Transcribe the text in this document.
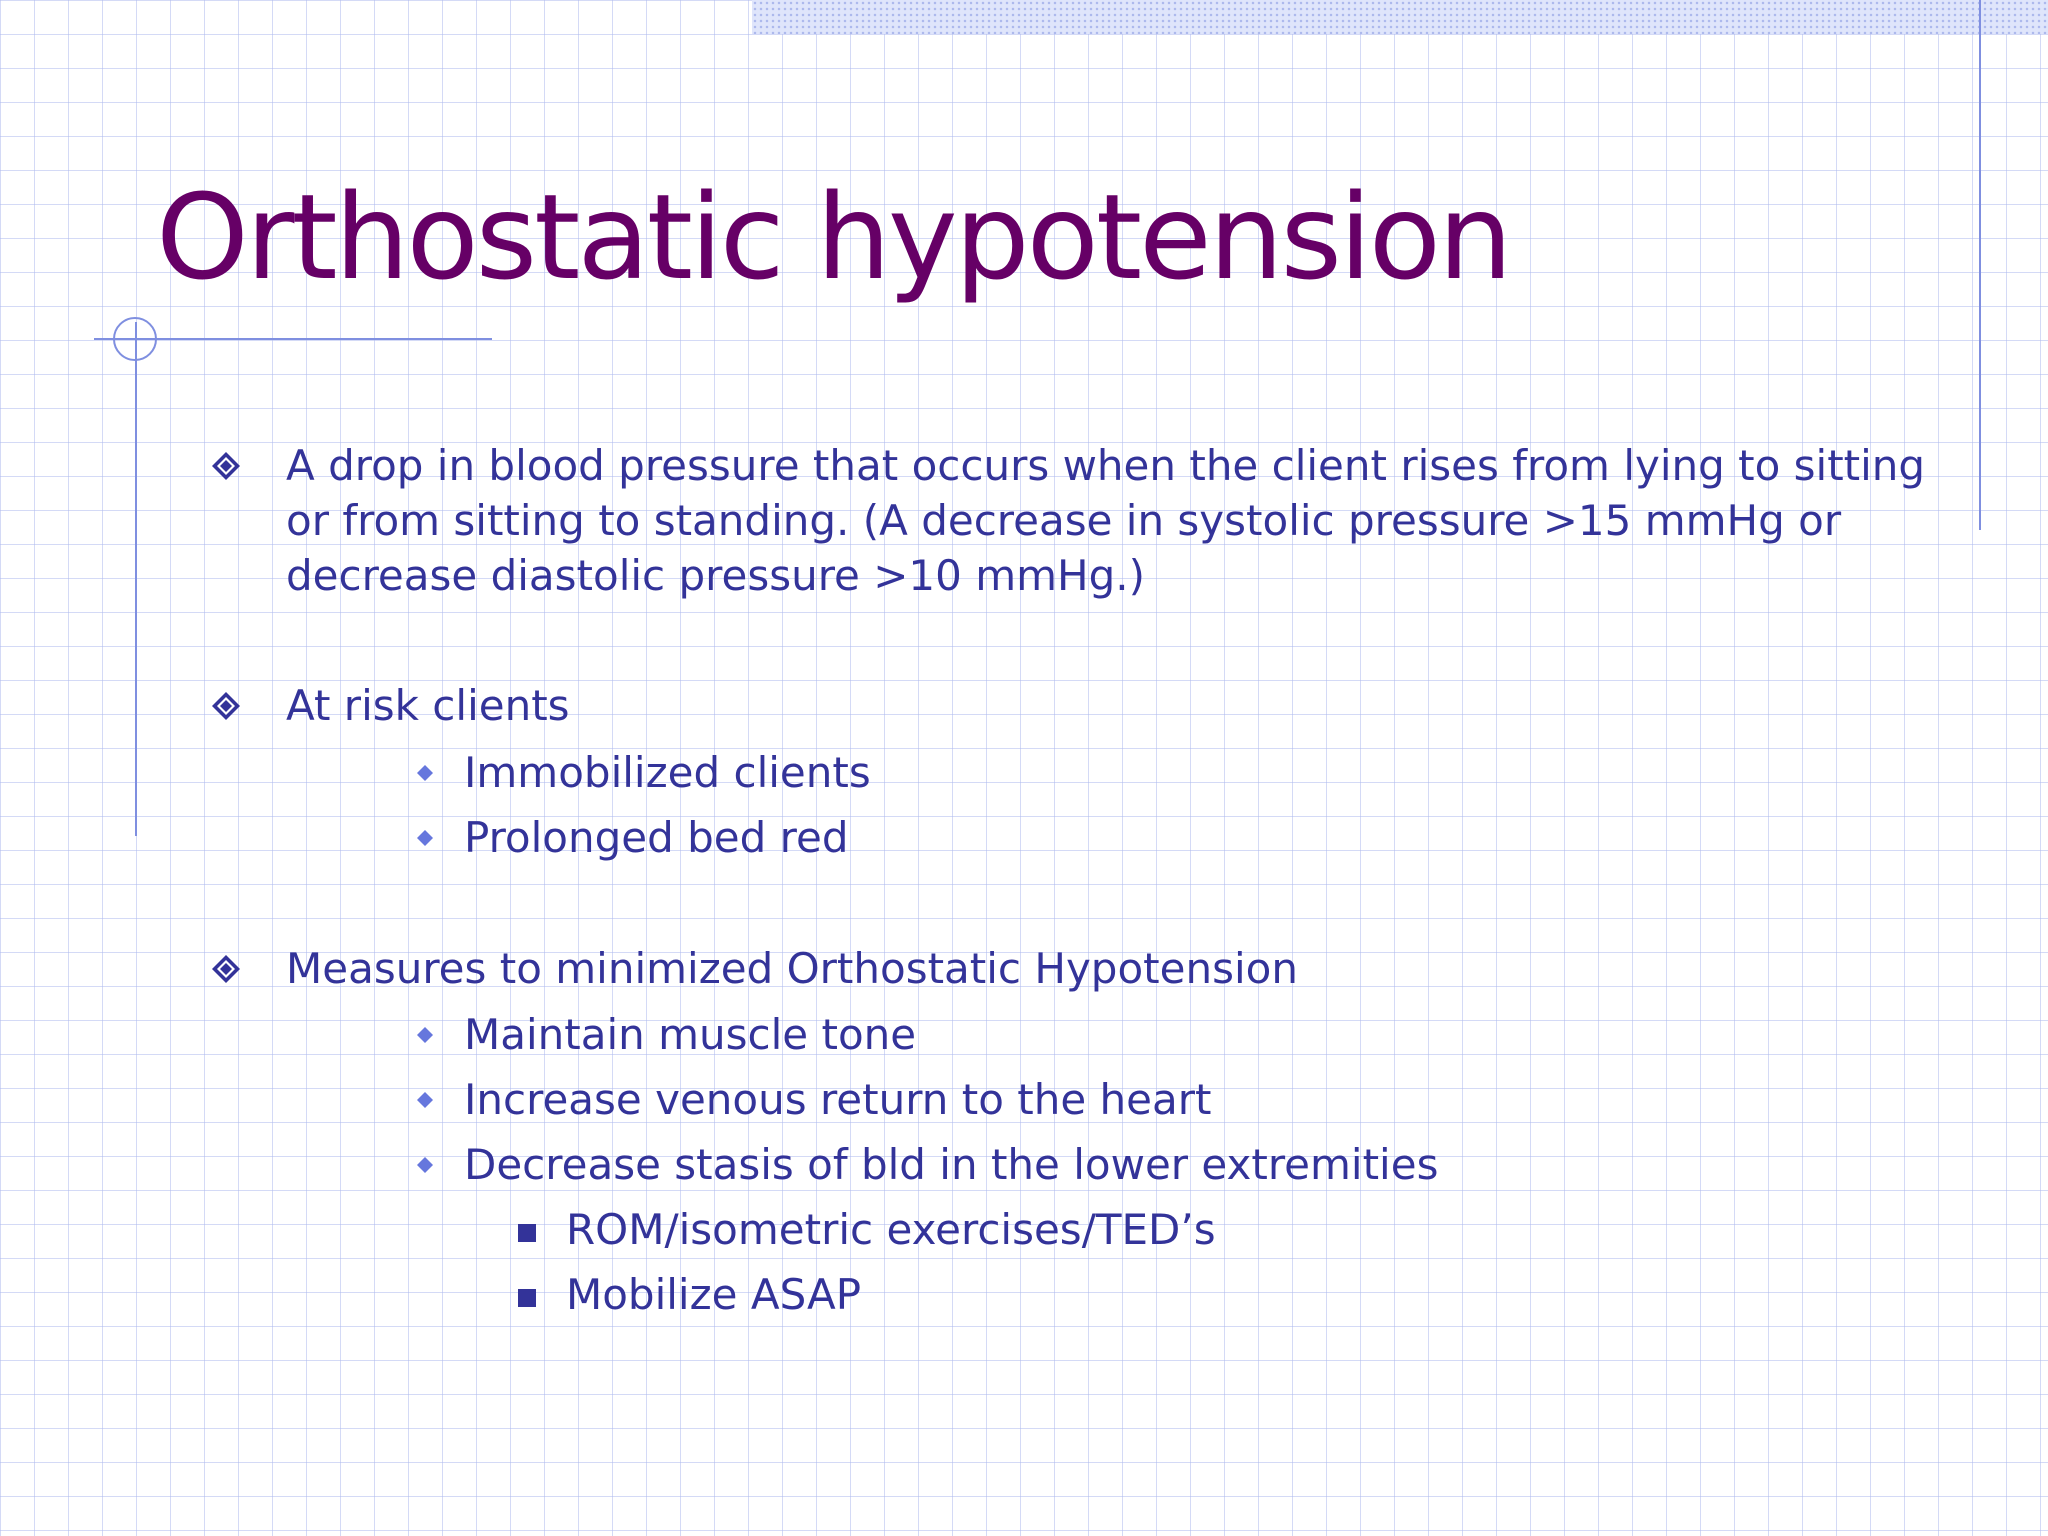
Orthostatic hypotension
A drop in blood pressure that occurs when the client rises from lying to sitting or from sitting to standing. (A decrease in systolic pressure >15 mmHg or decrease diastolic pressure >10 mmHg.)
At risk clients
Immobilized clients
Prolonged bed red
Measures to minimized Orthostatic Hypotension
Maintain muscle tone
Increase venous return to the heart
Decrease stasis of bld in the lower extremities
ROM/isometric exercises/TED’s
Mobilize ASAP
